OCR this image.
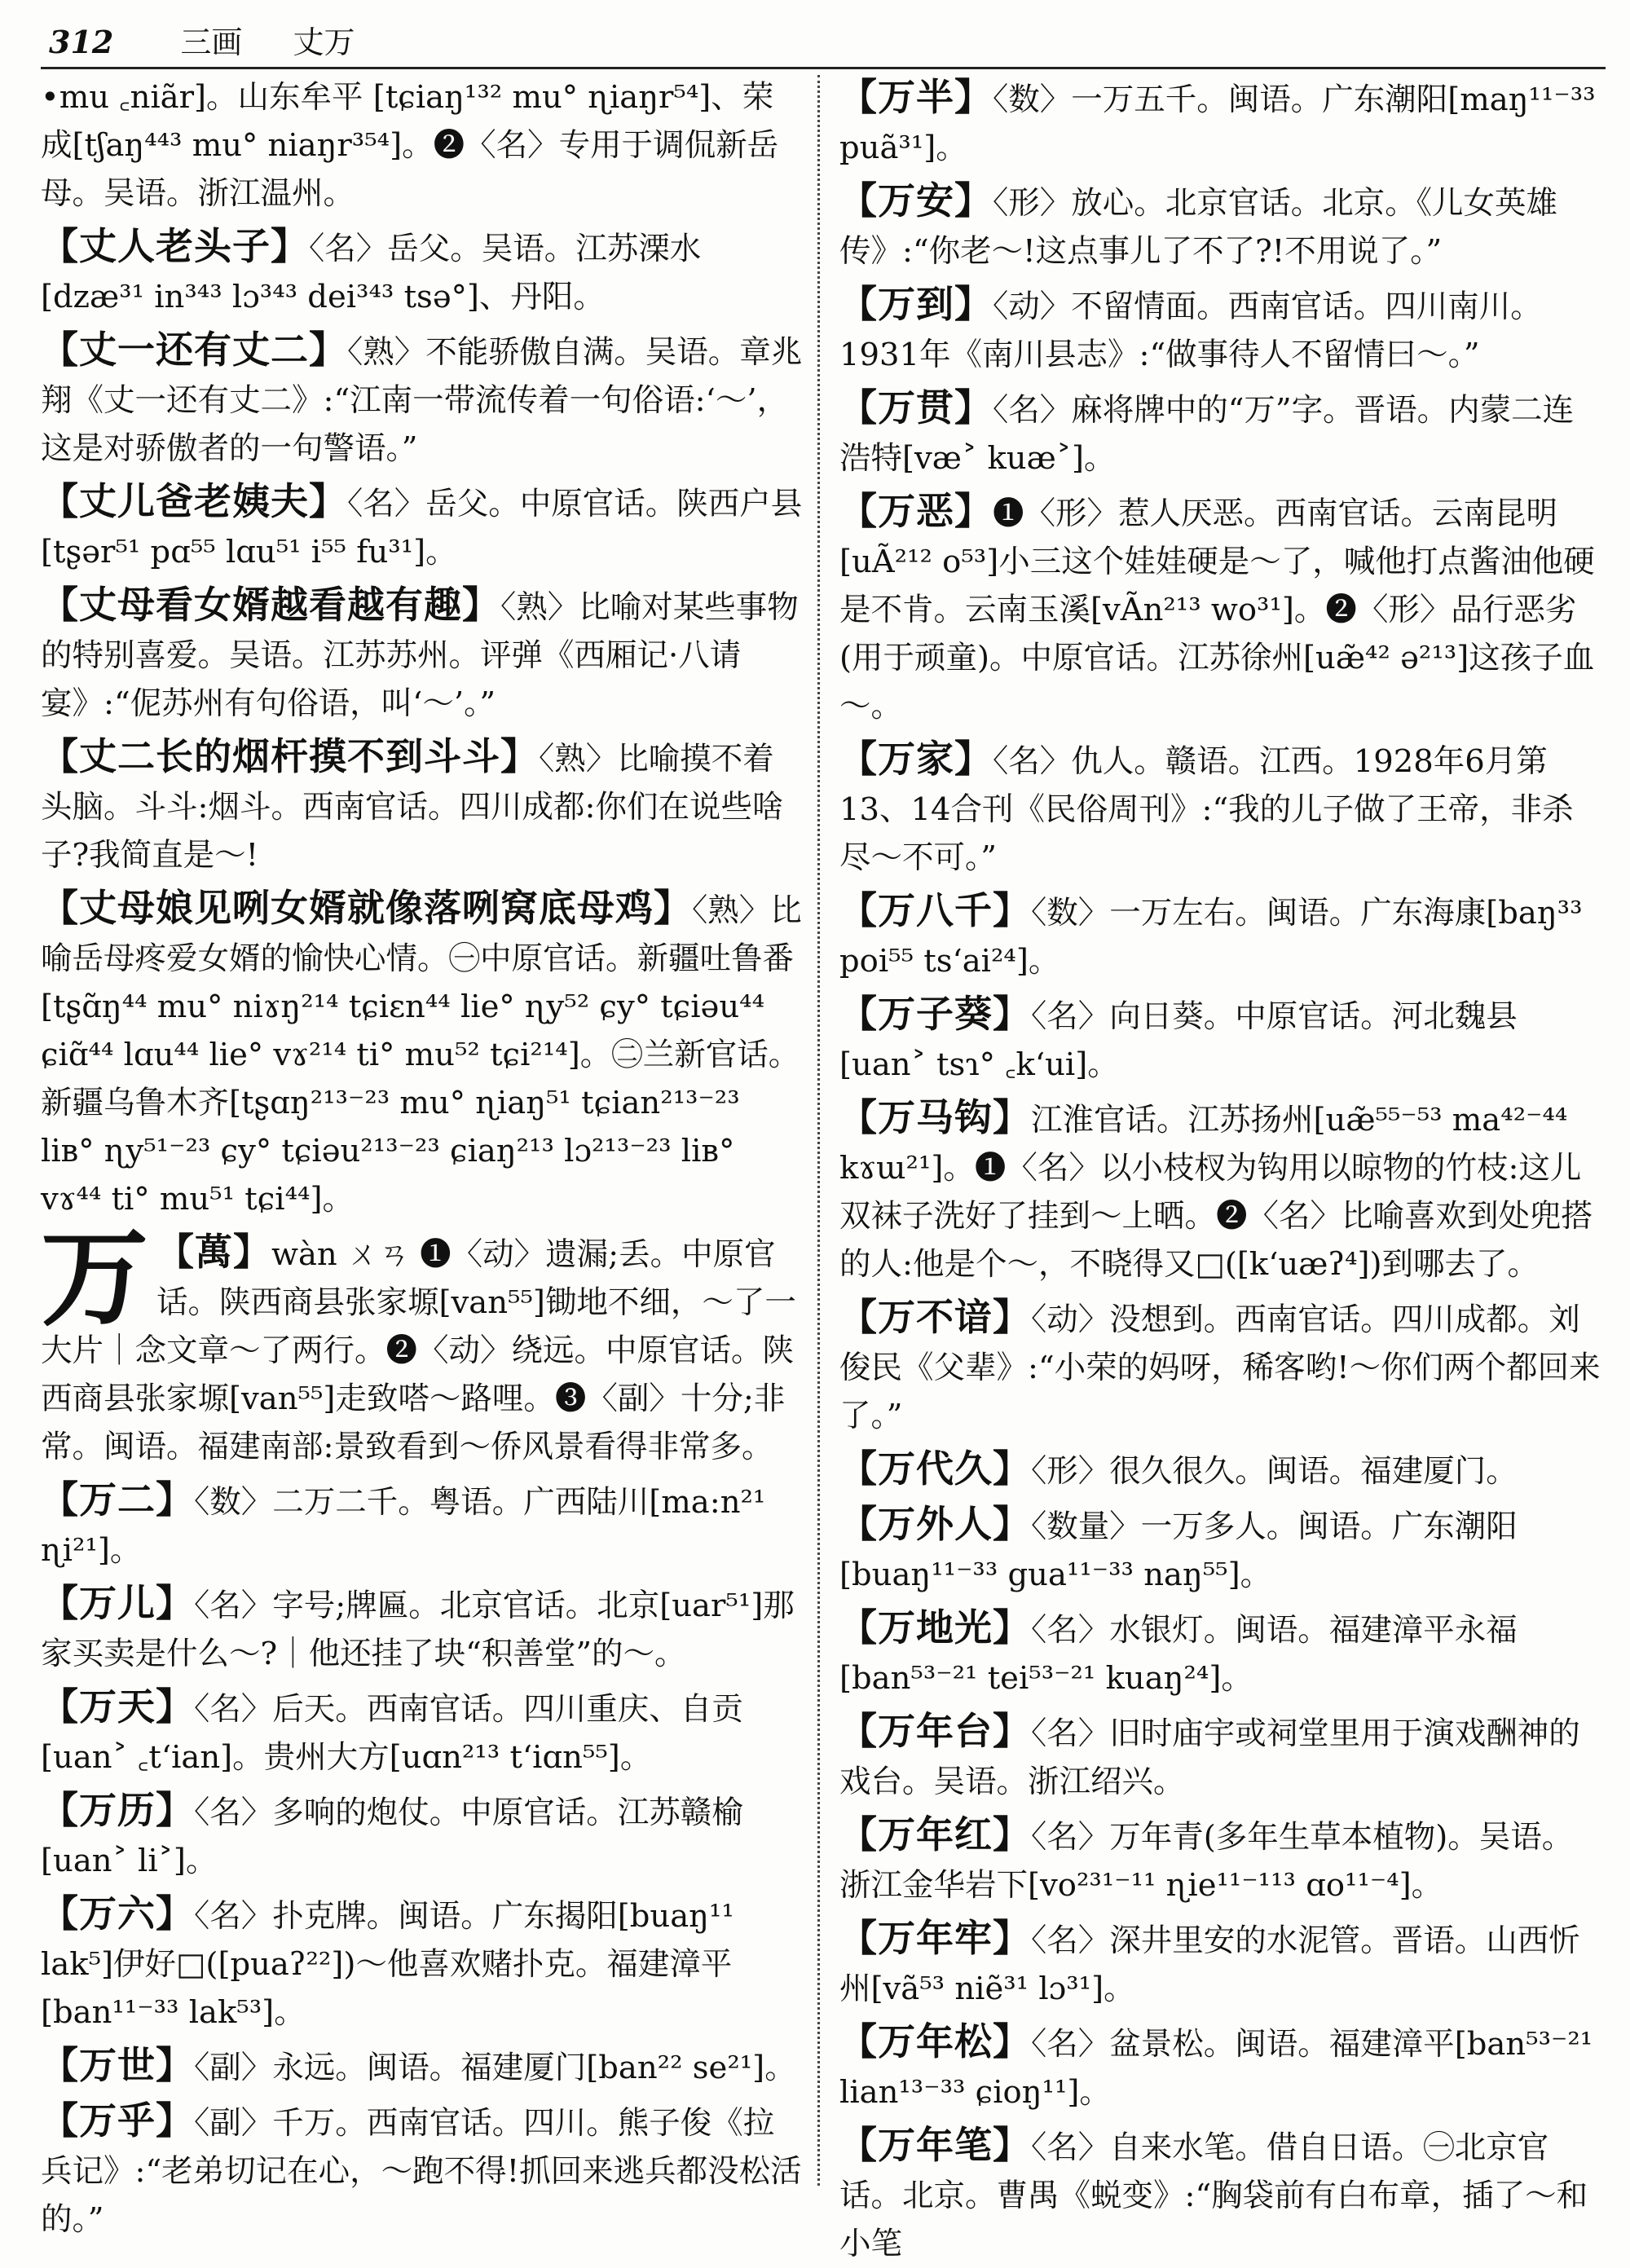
312 三画 丈万

•mu ꜀niãr]。山东牟平 [tɕiaŋ¹³² mu° ɳiaŋr⁵⁴]、荣成[tʃaŋ⁴⁴³ mu° niaŋr³⁵⁴]。❷〈名〉专用于调侃新岳母。吴语。浙江温州。

【丈人老头子】〈名〉岳父。吴语。江苏溧水[dzæ³¹ in³⁴³ lɔ³⁴³ dei³⁴³ tsə°]、丹阳。

【丈一还有丈二】〈熟〉不能骄傲自满。吴语。章兆翔《丈一还有丈二》:“江南一带流传着一句俗语:‘～’，这是对骄傲者的一句警语。”

【丈儿爸老姨夫】〈名〉岳父。中原官话。陕西户县[tʂər⁵¹ pɑ⁵⁵ lɑu⁵¹ i⁵⁵ fu³¹]。

【丈母看女婿越看越有趣】〈熟〉比喻对某些事物的特别喜爱。吴语。江苏苏州。评弹《西厢记·八请宴》:“伲苏州有句俗语，叫‘～’。”

【丈二长的烟杆摸不到斗斗】〈熟〉比喻摸不着头脑。斗斗:烟斗。西南官话。四川成都:你们在说些啥子?我简直是～!

【丈母娘见咧女婿就像落咧窝底母鸡】〈熟〉比喻岳母疼爱女婿的愉快心情。㊀中原官话。新疆吐鲁番 [tʂɑ̃ŋ⁴⁴ mu° niɤŋ²¹⁴ tɕiɛn⁴⁴ lie° ɳy⁵² ɕy° tɕiəu⁴⁴ ɕiɑ̃⁴⁴ lɑu⁴⁴ lie° vɤ²¹⁴ ti° mu⁵² tɕi²¹⁴]。㊁兰新官话。新疆乌鲁木齐[tʂɑŋ²¹³⁻²³ mu° ɳiaŋ⁵¹ tɕian²¹³⁻²³ liʙ° ɳy⁵¹⁻²³ ɕy° tɕiəu²¹³⁻²³ ɕiaŋ²¹³ lɔ²¹³⁻²³ liʙ° vɤ⁴⁴ ti° mu⁵¹ tɕi⁴⁴]。

万 【萬】wàn ㄨㄢ ❶〈动〉遗漏;丢。中原官话。陕西商县张家塬[van⁵⁵]锄地不细，～了一大片｜念文章～了两行。❷〈动〉绕远。中原官话。陕西商县张家塬[van⁵⁵]走致嗒～路哩。❸〈副〉十分;非常。闽语。福建南部:景致看到～侨风景看得非常多。

【万二】〈数〉二万二千。粤语。广西陆川[ma:n²¹ ɳi²¹]。

【万儿】〈名〉字号;牌匾。北京官话。北京[uar⁵¹]那家买卖是什么～?｜他还挂了块“积善堂”的～。

【万天】〈名〉后天。西南官话。四川重庆、自贡[uan˃ ꜀t‘ian]。贵州大方[uɑn²¹³ t‘iɑn⁵⁵]。

【万历】〈名〉多响的炮仗。中原官话。江苏赣榆[uan˃ li˃]。

【万六】〈名〉扑克牌。闽语。广东揭阳[buaŋ¹¹ lak⁵]伊好□([puaʔ²²])～他喜欢赌扑克。福建漳平[ban¹¹⁻³³ lak⁵³]。

【万世】〈副〉永远。闽语。福建厦门[ban²² se²¹]。

【万乎】〈副〉千万。西南官话。四川。熊子俊《拉兵记》:“老弟切记在心，～跑不得!抓回来逃兵都没松活的。”

【万半】〈数〉一万五千。闽语。广东潮阳[maŋ¹¹⁻³³ puã³¹]。

【万安】〈形〉放心。北京官话。北京。《儿女英雄传》:“你老～!这点事儿了不了?!不用说了。”

【万到】〈动〉不留情面。西南官话。四川南川。1931年《南川县志》:“做事待人不留情曰～。”

【万贯】〈名〉麻将牌中的“万”字。晋语。内蒙二连浩特[væ˃ kuæ˃]。

【万恶】❶〈形〉惹人厌恶。西南官话。云南昆明[uÃ²¹² o⁵³]小三这个娃娃硬是～了，喊他打点酱油他硬是不肯。云南玉溪[vÃn²¹³ wo³¹]。❷〈形〉品行恶劣(用于顽童)。中原官话。江苏徐州[uæ̃⁴² ə²¹³]这孩子血～。

【万家】〈名〉仇人。赣语。江西。1928年6月第13、14合刊《民俗周刊》:“我的儿子做了王帝，非杀尽～不可。”

【万八千】〈数〉一万左右。闽语。广东海康[baŋ³³ poi⁵⁵ ts‘ai²⁴]。

【万子葵】〈名〉向日葵。中原官话。河北魏县[uan˃ tsɿ° ꜀k‘ui]。

【万马钩】江淮官话。江苏扬州[uæ̃⁵⁵⁻⁵³ ma⁴²⁻⁴⁴ kɤɯ²¹]。❶〈名〉以小枝杈为钩用以晾物的竹枝:这儿双袜子洗好了挂到～上晒。❷〈名〉比喻喜欢到处兜搭的人:他是个～，不晓得又□([k‘uæʔ⁴])到哪去了。

【万不谙】〈动〉没想到。西南官话。四川成都。刘俊民《父辈》:“小荣的妈呀，稀客哟!～你们两个都回来了。”

【万代久】〈形〉很久很久。闽语。福建厦门。

【万外人】〈数量〉一万多人。闽语。广东潮阳[buaŋ¹¹⁻³³ gua¹¹⁻³³ naŋ⁵⁵]。

【万地光】〈名〉水银灯。闽语。福建漳平永福[ban⁵³⁻²¹ tei⁵³⁻²¹ kuaŋ²⁴]。

【万年台】〈名〉旧时庙宇或祠堂里用于演戏酬神的戏台。吴语。浙江绍兴。

【万年红】〈名〉万年青(多年生草本植物)。吴语。浙江金华岩下[vo²³¹⁻¹¹ ɳie¹¹⁻¹¹³ ɑo¹¹⁻⁴]。

【万年牢】〈名〉深井里安的水泥管。晋语。山西忻州[vã⁵³ niẽ³¹ lɔ³¹]。

【万年松】〈名〉盆景松。闽语。福建漳平[ban⁵³⁻²¹ lian¹³⁻³³ ɕioŋ¹¹]。

【万年笔】〈名〉自来水笔。借自日语。㊀北京官话。北京。曹禺《蜕变》:“胸袋前有白布章，插了～和小笔
